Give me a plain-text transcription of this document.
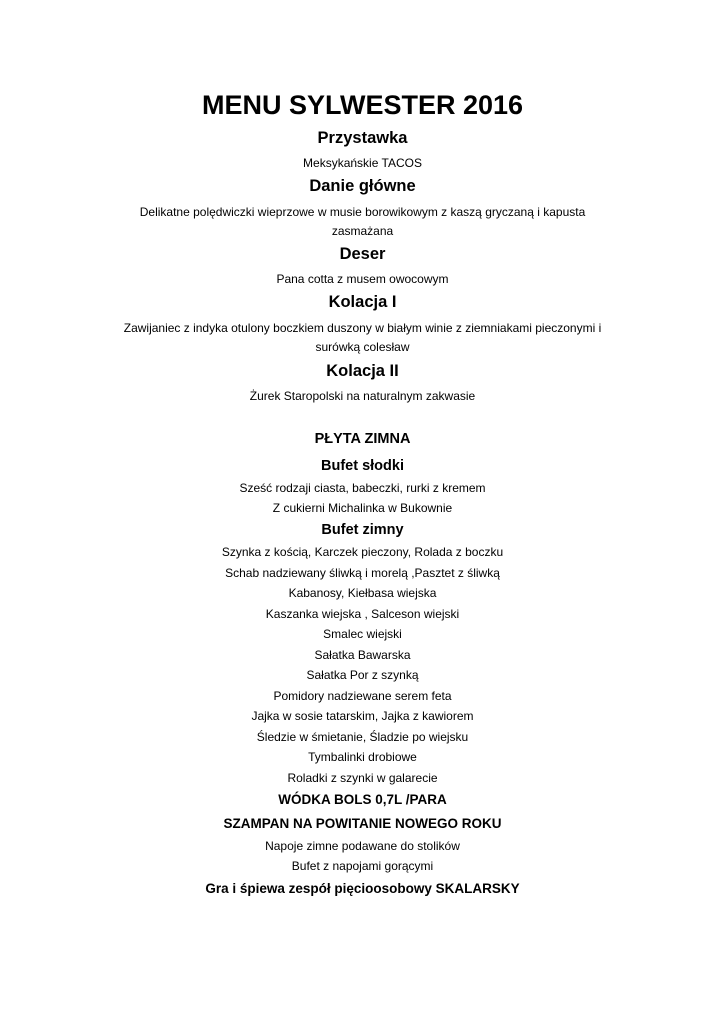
MENU SYLWESTER 2016
Przystawka
Meksykańskie TACOS
Danie główne
Delikatne polędwiczki wieprzowe w musie borowikowym z kaszą gryczaną i kapusta
zasmażana
Deser
Pana cotta z musem owocowym
Kolacja I
Zawijaniec z indyka otulony boczkiem duszony w białym winie z ziemniakami pieczonymi i
surówką colesław
Kolacja II
Żurek Staropolski na naturalnym zakwasie
PŁYTA ZIMNA
Bufet słodki
Sześć rodzaji ciasta, babeczki, rurki z kremem
Z cukierni Michalinka w Bukownie
Bufet zimny
Szynka z kością, Karczek pieczony, Rolada z boczku
Schab nadziewany śliwką i morelą ,Pasztet z śliwką
Kabanosy, Kiełbasa wiejska
Kaszanka wiejska , Salceson wiejski
Smalec wiejski
Sałatka Bawarska
Sałatka Por z szynką
Pomidory nadziewane serem feta
Jajka w sosie tatarskim, Jajka z kawiorem
Śledzie w śmietanie, Śladzie po wiejsku
Tymbalinki drobiowe
Roladki z szynki w galarecie
WÓDKA BOLS 0,7L /PARA
SZAMPAN NA POWITANIE NOWEGO ROKU
Napoje zimne podawane do stolików
Bufet z napojami gorącymi
Gra i śpiewa zespół pięcioosobowy SKALARSKY
